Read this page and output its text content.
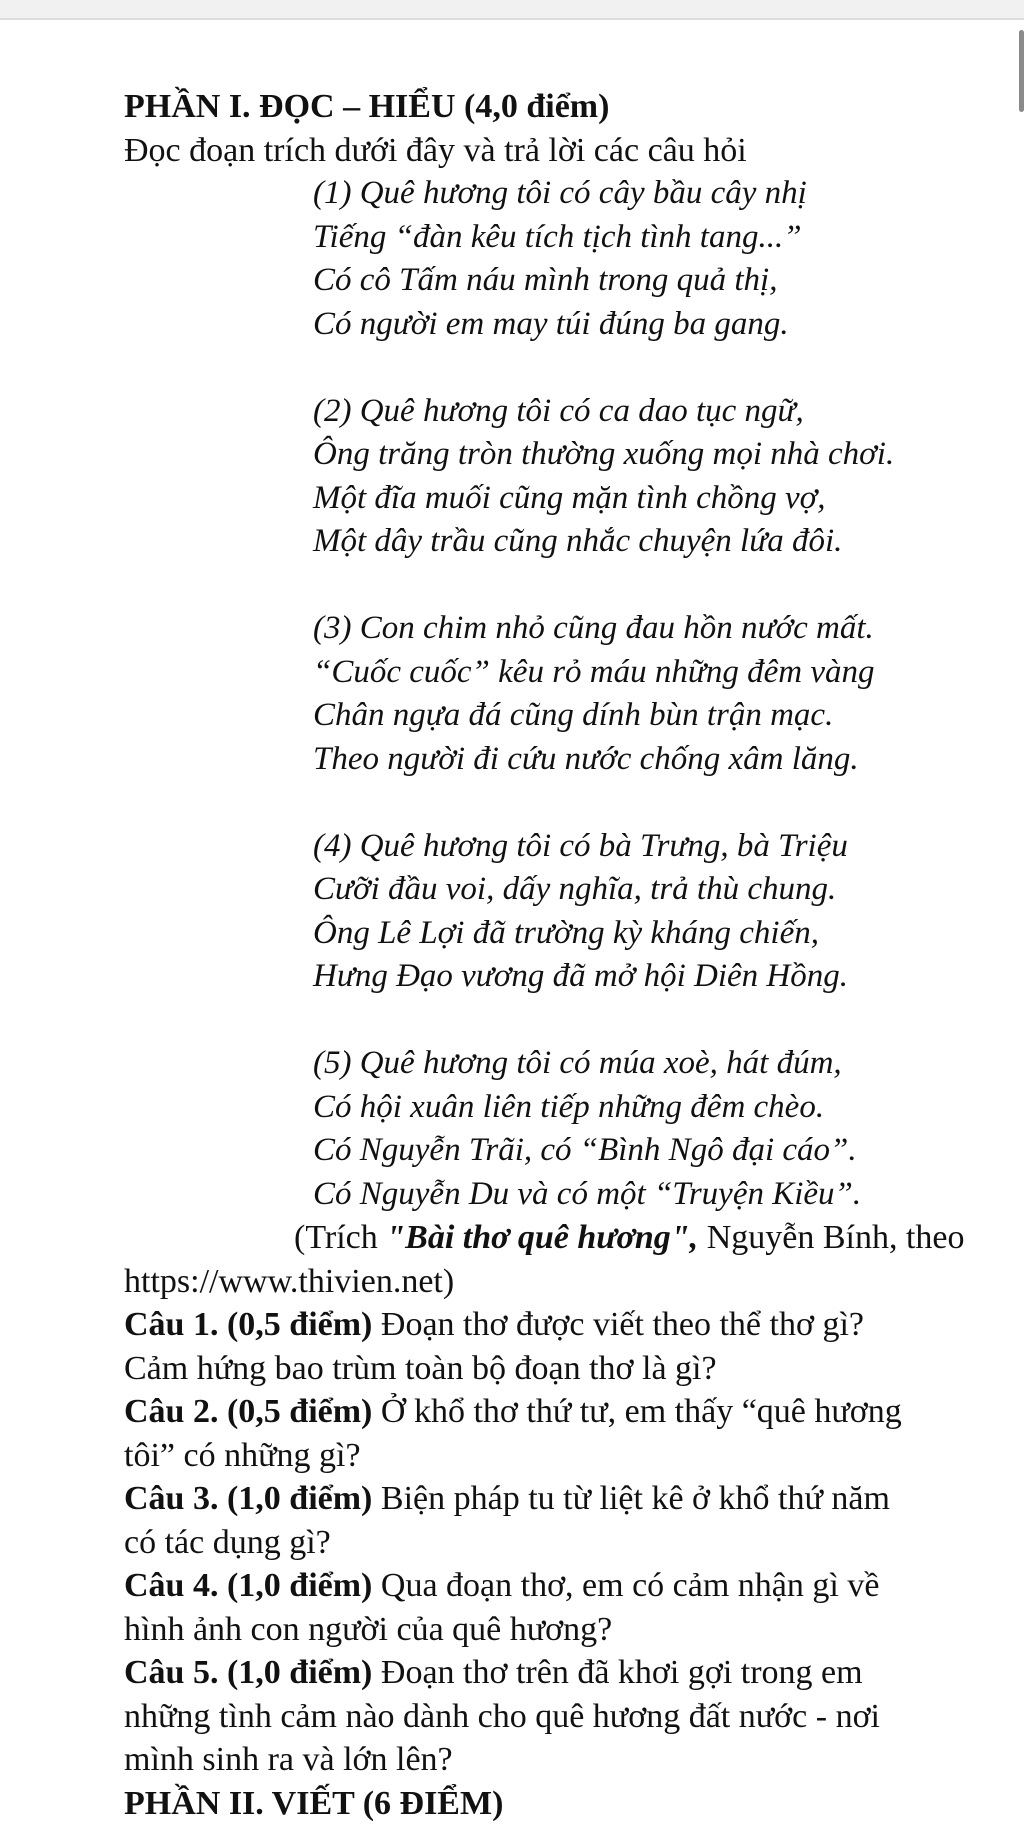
PHẦN I. ĐỌC – HIỂU (4,0 điểm)
Đọc đoạn trích dưới đây và trả lời các câu hỏi
(1) Quê hương tôi có cây bầu cây nhị
Tiếng “đàn kêu tích tịch tình tang...”
Có cô Tấm náu mình trong quả thị,
Có người em may túi đúng ba gang.
(2) Quê hương tôi có ca dao tục ngữ,
Ông trăng tròn thường xuống mọi nhà chơi.
Một đĩa muối cũng mặn tình chồng vợ,
Một dây trầu cũng nhắc chuyện lứa đôi.
(3) Con chim nhỏ cũng đau hồn nước mất.
“Cuốc cuốc” kêu rỏ máu những đêm vàng
Chân ngựa đá cũng dính bùn trận mạc.
Theo người đi cứu nước chống xâm lăng.
(4) Quê hương tôi có bà Trưng, bà Triệu
Cưỡi đầu voi, dấy nghĩa, trả thù chung.
Ông Lê Lợi đã trường kỳ kháng chiến,
Hưng Đạo vương đã mở hội Diên Hồng.
(5) Quê hương tôi có múa xoè, hát đúm,
Có hội xuân liên tiếp những đêm chèo.
Có Nguyễn Trãi, có “Bình Ngô đại cáo”.
Có Nguyễn Du và có một “Truyện Kiều”.
(Trích "Bài thơ quê hương", Nguyễn Bính, theo
https://www.thivien.net)
Câu 1. (0,5 điểm) Đoạn thơ được viết theo thể thơ gì?
Cảm hứng bao trùm toàn bộ đoạn thơ là gì?
Câu 2. (0,5 điểm) Ở khổ thơ thứ tư, em thấy “quê hương
tôi” có những gì?
Câu 3. (1,0 điểm) Biện pháp tu từ liệt kê ở khổ thứ năm
có tác dụng gì?
Câu 4. (1,0 điểm) Qua đoạn thơ, em có cảm nhận gì về
hình ảnh con người của quê hương?
Câu 5. (1,0 điểm) Đoạn thơ trên đã khơi gợi trong em
những tình cảm nào dành cho quê hương đất nước - nơi
mình sinh ra và lớn lên?
PHẦN II. VIẾT (6 ĐIỂM)
